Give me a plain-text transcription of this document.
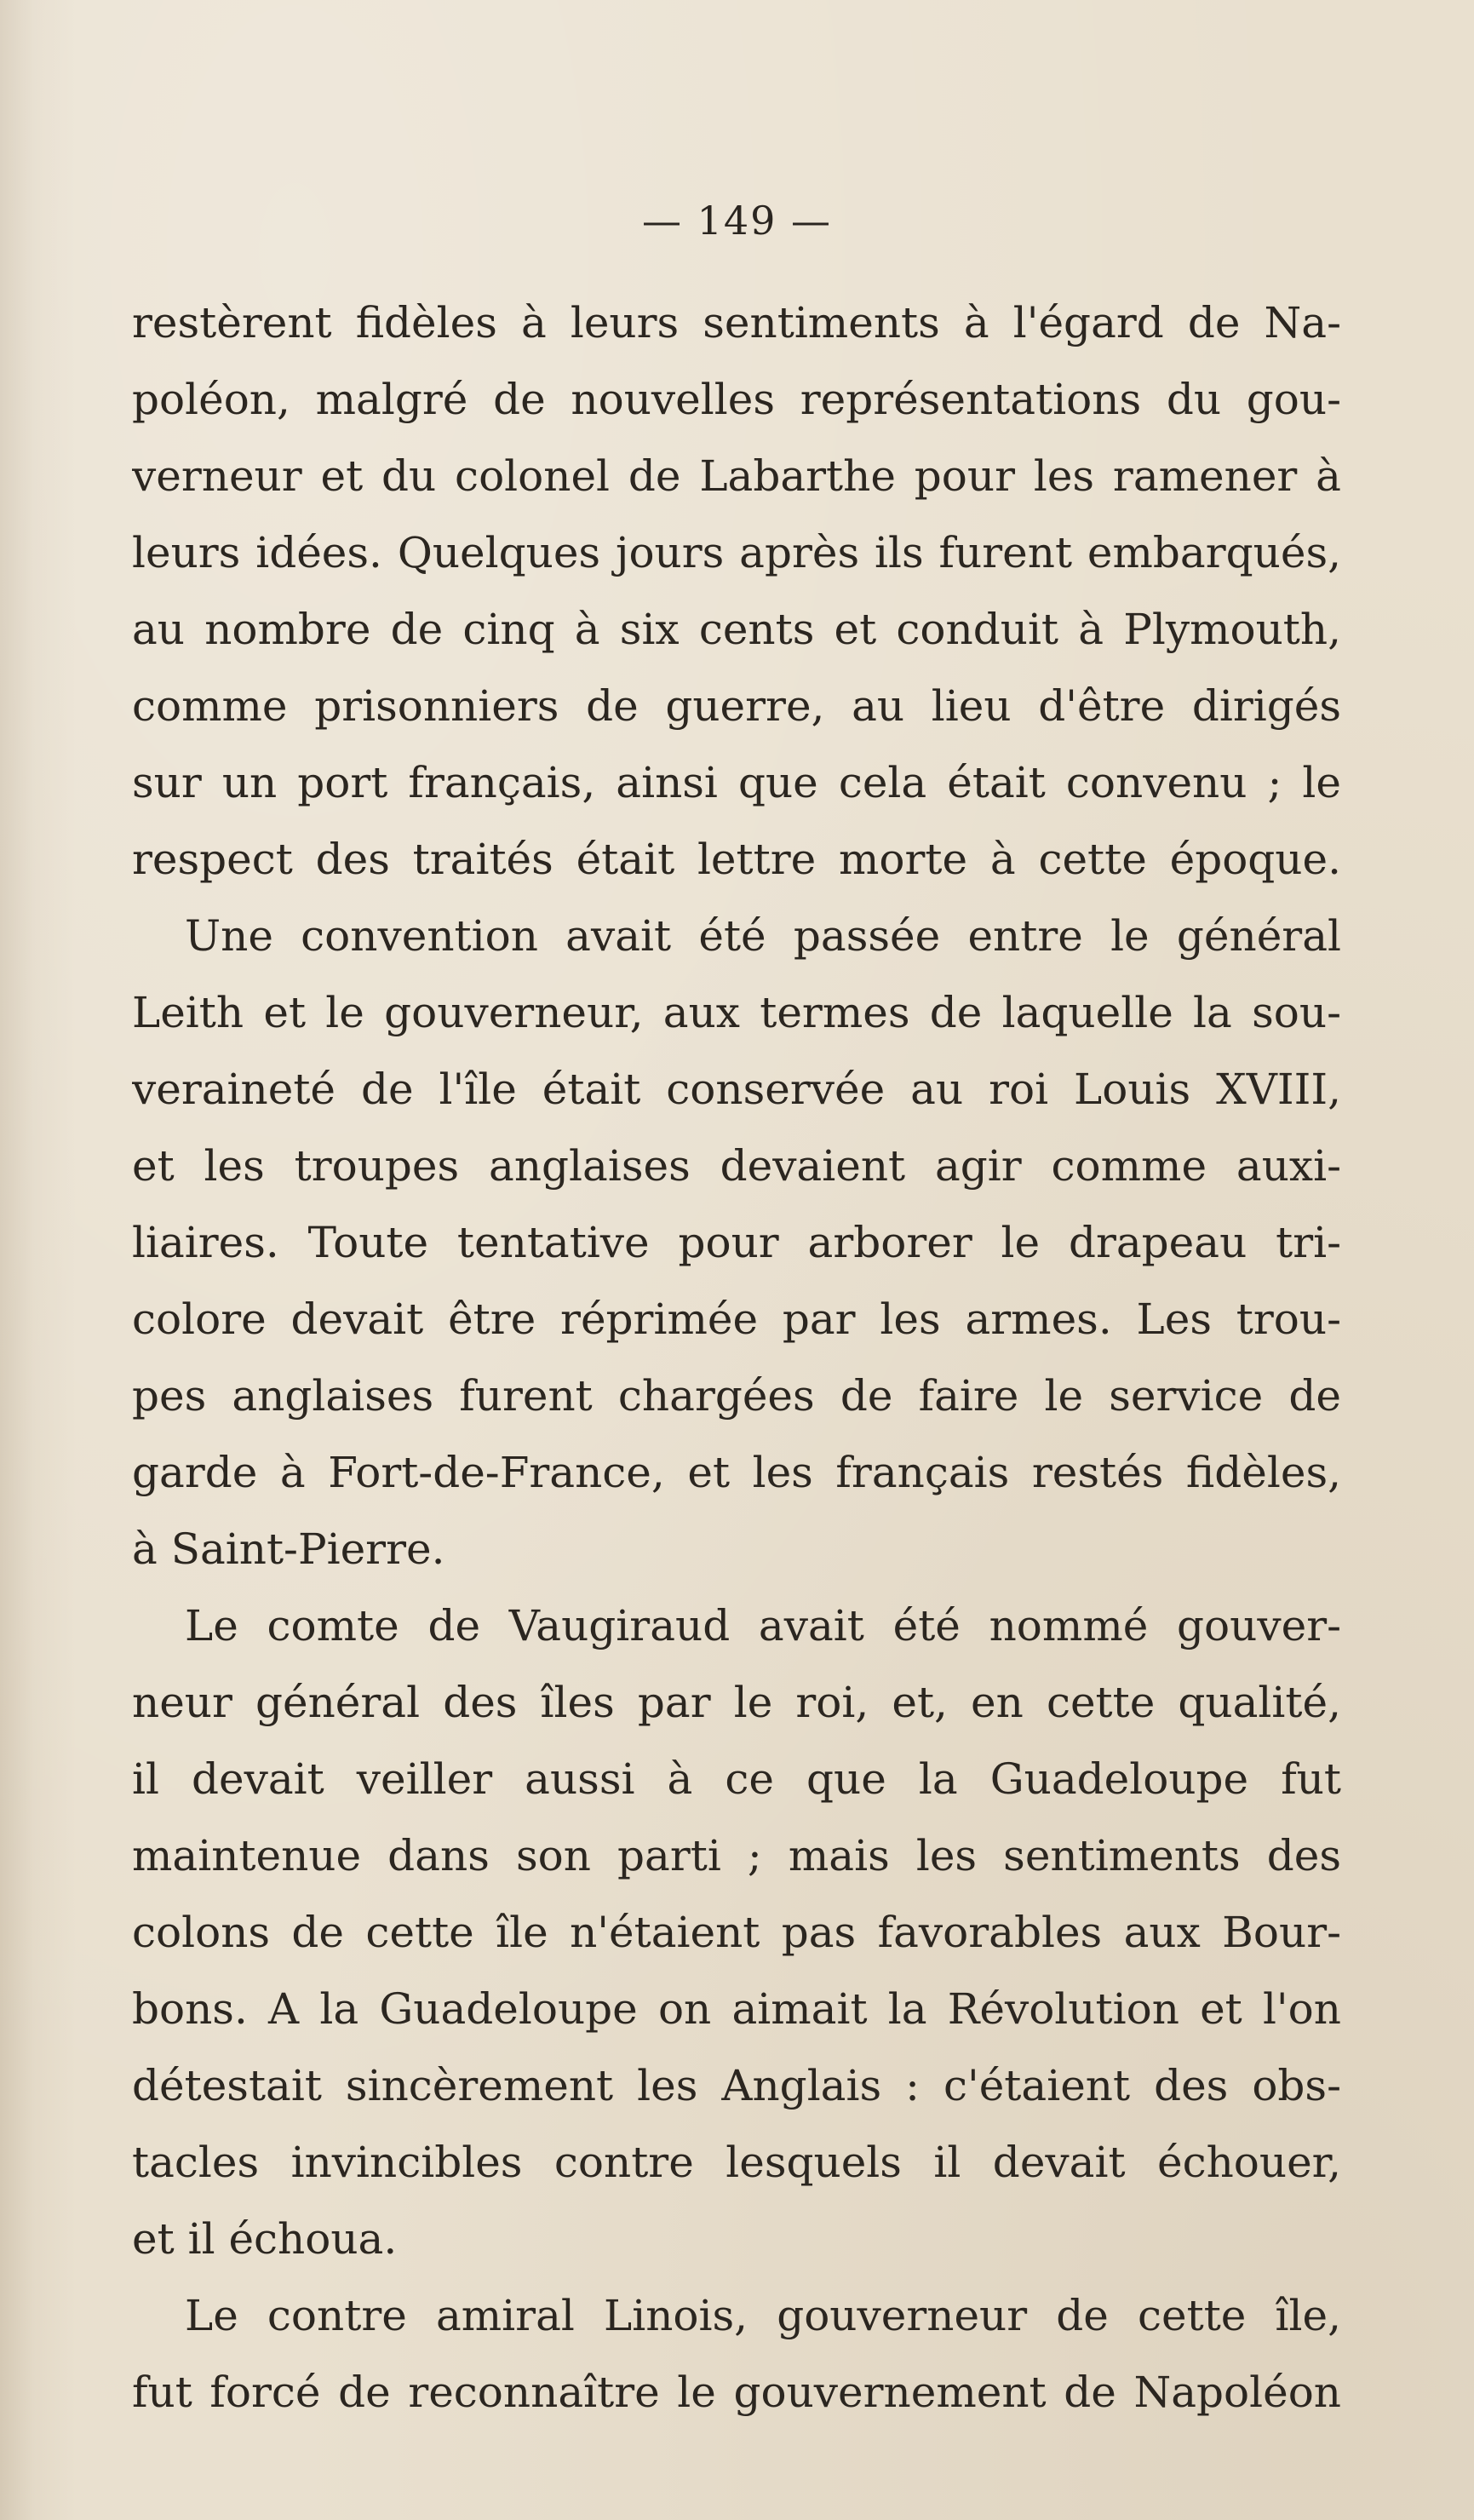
— 149 —
restèrent fidèles à leurs sentiments à l'égard de Na-
poléon, malgré de nouvelles représentations du gou-
verneur et du colonel de Labarthe pour les ramener à
leurs idées. Quelques jours après ils furent embarqués,
au nombre de cinq à six cents et conduit à Plymouth,
comme prisonniers de guerre, au lieu d'être dirigés
sur un port français, ainsi que cela était convenu ; le
respect des traités était lettre morte à cette époque.
Une convention avait été passée entre le général
Leith et le gouverneur, aux termes de laquelle la sou-
veraineté de l'île était conservée au roi Louis XVIII,
et les troupes anglaises devaient agir comme auxi-
liaires. Toute tentative pour arborer le drapeau tri-
colore devait être réprimée par les armes. Les trou-
pes anglaises furent chargées de faire le service de
garde à Fort-de-France, et les français restés fidèles,
à Saint-Pierre.
Le comte de Vaugiraud avait été nommé gouver-
neur général des îles par le roi, et, en cette qualité,
il devait veiller aussi à ce que la Guadeloupe fut
maintenue dans son parti ; mais les sentiments des
colons de cette île n'étaient pas favorables aux Bour-
bons. A la Guadeloupe on aimait la Révolution et l'on
détestait sincèrement les Anglais : c'étaient des obs-
tacles invincibles contre lesquels il devait échouer,
et il échoua.
Le contre amiral Linois, gouverneur de cette île,
fut forcé de reconnaître le gouvernement de Napoléon
